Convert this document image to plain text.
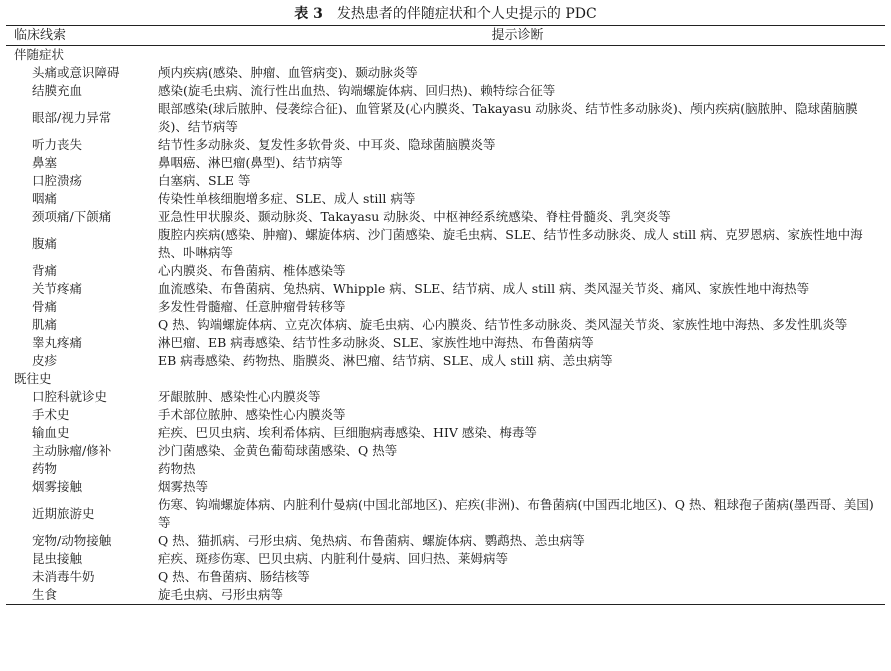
表 3 发热患者的伴随症状和个人史提示的 PDC
临床线索	提示诊断
伴随症状	
头痛或意识障碍	颅内疾病(感染、肿瘤、血管病变)、颞动脉炎等
结膜充血	感染(旋毛虫病、流行性出血热、钩端螺旋体病、回归热)、赖特综合征等
眼部/视力异常	眼部感染(球后脓肿、侵袭综合征)、血管紧及(心内膜炎、Takayasu 动脉炎、结节性多动脉炎)、颅内疾病(脑脓肿、隐球菌脑膜炎)、结节病等
听力丧失	结节性多动脉炎、复发性多软骨炎、中耳炎、隐球菌脑膜炎等
鼻塞	鼻咽癌、淋巴瘤(鼻型)、结节病等
口腔溃疡	白塞病、SLE 等
咽痛	传染性单核细胞增多症、SLE、成人 still 病等
颈项痛/下颌痛	亚急性甲状腺炎、颞动脉炎、Takayasu 动脉炎、中枢神经系统感染、脊柱骨髓炎、乳突炎等
腹痛	腹腔内疾病(感染、肿瘤)、螺旋体病、沙门菌感染、旋毛虫病、SLE、结节性多动脉炎、成人 still 病、克罗恩病、家族性地中海热、卟啉病等
背痛	心内膜炎、布鲁菌病、椎体感染等
关节疼痛	血流感染、布鲁菌病、兔热病、Whipple 病、SLE、结节病、成人 still 病、类风湿关节炎、痛风、家族性地中海热等
骨痛	多发性骨髓瘤、任意肿瘤骨转移等
肌痛	Q 热、钩端螺旋体病、立克次体病、旋毛虫病、心内膜炎、结节性多动脉炎、类风湿关节炎、家族性地中海热、多发性肌炎等
睾丸疼痛	淋巴瘤、EB 病毒感染、结节性多动脉炎、SLE、家族性地中海热、布鲁菌病等
皮疹	EB 病毒感染、药物热、脂膜炎、淋巴瘤、结节病、SLE、成人 still 病、恙虫病等
既往史	
口腔科就诊史	牙龈脓肿、感染性心内膜炎等
手术史	手术部位脓肿、感染性心内膜炎等
输血史	疟疾、巴贝虫病、埃利希体病、巨细胞病毒感染、HIV 感染、梅毒等
主动脉瘤/修补	沙门菌感染、金黄色葡萄球菌感染、Q 热等
药物	药物热
烟雾接触	烟雾热等
近期旅游史	伤寒、钩端螺旋体病、内脏利什曼病(中国北部地区)、疟疾(非洲)、布鲁菌病(中国西北地区)、Q 热、粗球孢子菌病(墨西哥、美国)等
宠物/动物接触	Q 热、猫抓病、弓形虫病、兔热病、布鲁菌病、螺旋体病、鹦鹉热、恙虫病等
昆虫接触	疟疾、斑疹伤寒、巴贝虫病、内脏利什曼病、回归热、莱姆病等
未消毒牛奶	Q 热、布鲁菌病、肠结核等
生食	旋毛虫病、弓形虫病等
